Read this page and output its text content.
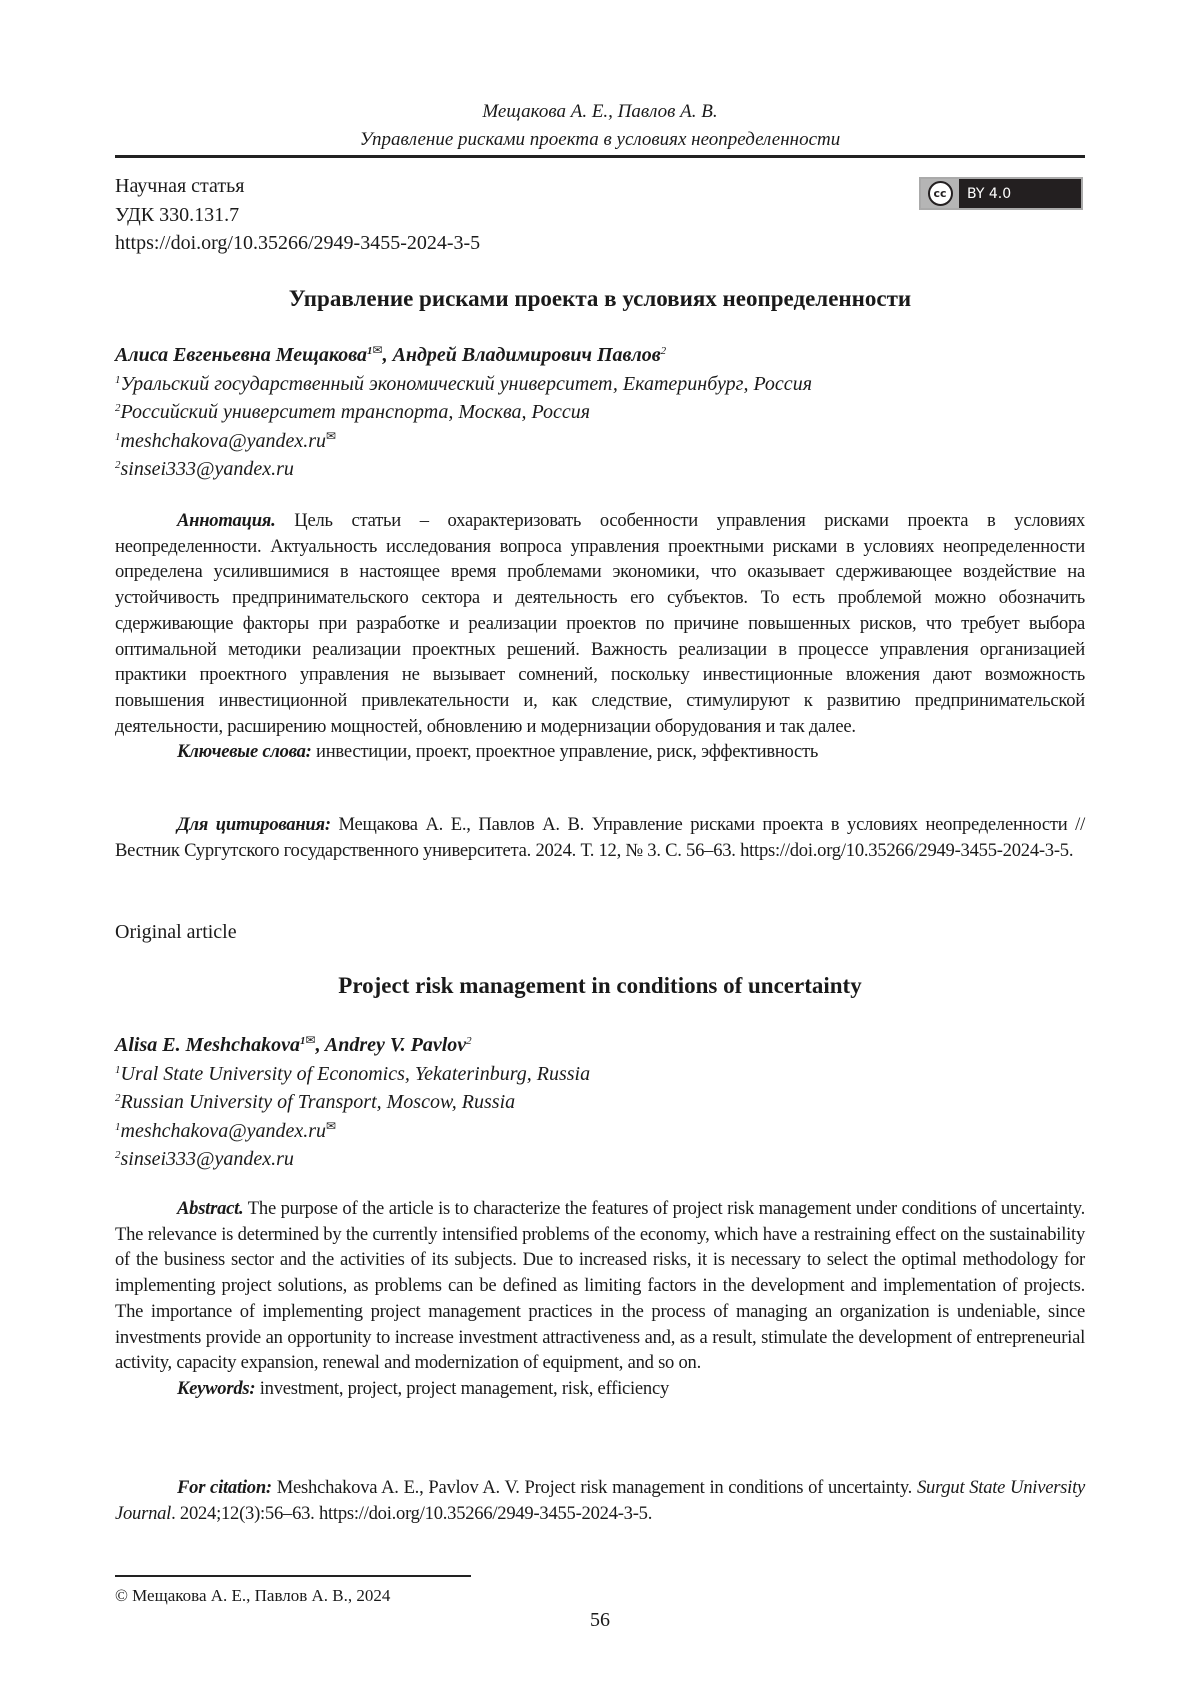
Мещакова А. Е., Павлов А. В.
Управление рисками проекта в условиях неопределенности
Научная статья
УДК 330.131.7
https://doi.org/10.35266/2949-3455-2024-3-5
cc	BY 4.0
Управление рисками проекта в условиях неопределенности
Алиса Евгеньевна Мещакова1✉, Андрей Владимирович Павлов2
1Уральский государственный экономический университет, Екатеринбург, Россия
2Российский университет транспорта, Москва, Россия
1meshchakova@yandex.ru✉
2sinsei333@yandex.ru
Аннотация. Цель статьи – охарактеризовать особенности управления рисками проекта в условиях неопределенности. Актуальность исследования вопроса управления проектными рисками в условиях неопределенности определена усилившимися в настоящее время проблемами экономики, что оказывает сдерживающее воздействие на устойчивость предпринимательского сектора и деятельность его субъектов. То есть проблемой можно обозначить сдерживающие факторы при разработке и реализации проектов по причине повышенных рисков, что требует выбора оптимальной методики реализации проектных решений. Важность реализации в процессе управления организацией практики проектного управления не вызывает сомнений, поскольку инвестиционные вложения дают возможность повышения инвестиционной привлекательности и, как следствие, стимулируют к развитию предпринимательской деятельности, расширению мощностей, обновлению и модернизации оборудования и так далее.
Ключевые слова: инвестиции, проект, проектное управление, риск, эффективность
Для цитирования: Мещакова А. Е., Павлов А. В. Управление рисками проекта в условиях неопределенности // Вестник Сургутского государственного университета. 2024. Т. 12, № 3. С. 56–63. https://doi.org/10.35266/2949-3455-2024-3-5.
Original article
Project risk management in conditions of uncertainty
Alisa E. Meshchakova1✉, Andrey V. Pavlov2
1Ural State University of Economics, Yekaterinburg, Russia
2Russian University of Transport, Moscow, Russia
1meshchakova@yandex.ru✉
2sinsei333@yandex.ru
Abstract. The purpose of the article is to characterize the features of project risk management under conditions of uncertainty. The relevance is determined by the currently intensified problems of the economy, which have a restraining effect on the sustainability of the business sector and the activities of its subjects. Due to increased risks, it is necessary to select the optimal methodology for implementing project solutions, as problems can be defined as limiting factors in the development and implementation of projects. The importance of implementing project management practices in the process of managing an organization is undeniable, since investments provide an opportunity to increase investment attractiveness and, as a result, stimulate the development of entrepreneurial activity, capacity expansion, renewal and modernization of equipment, and so on.
Keywords: investment, project, project management, risk, efficiency
For citation: Meshchakova A. E., Pavlov A. V. Project risk management in conditions of uncertainty. Surgut State University Journal. 2024;12(3):56–63. https://doi.org/10.35266/2949-3455-2024-3-5.
© Мещакова А. Е., Павлов А. В., 2024
56
